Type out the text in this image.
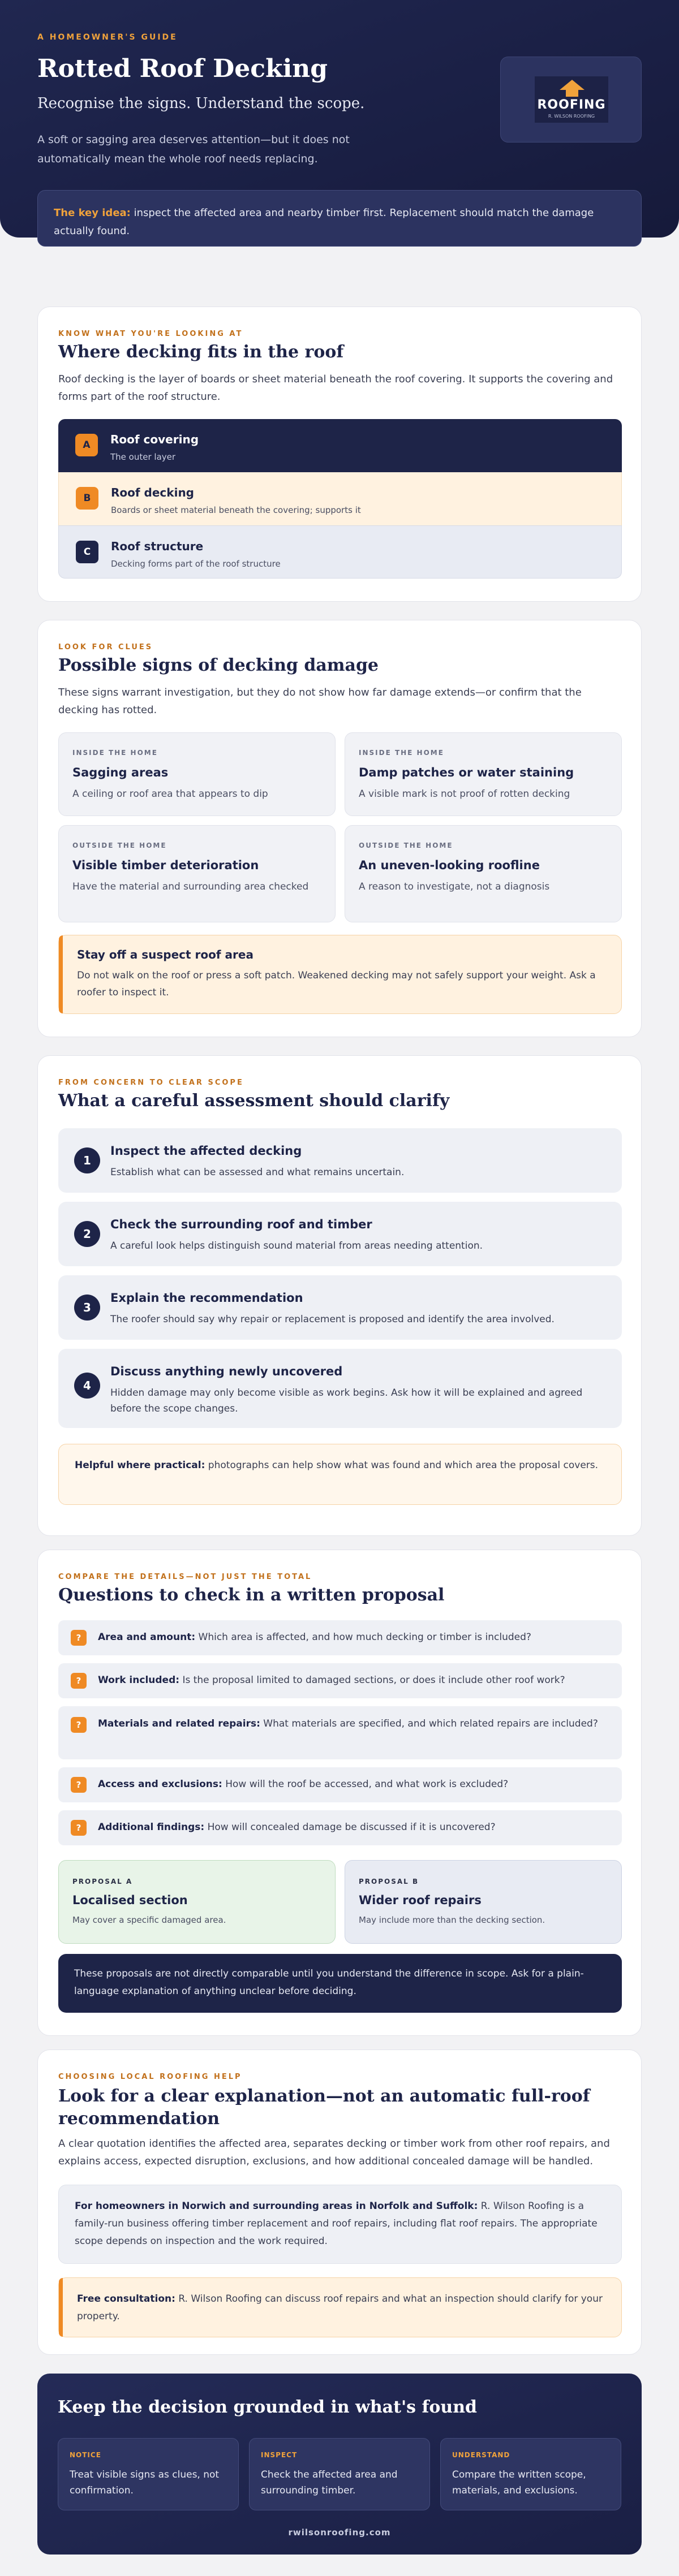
A HOMEOWNER'S GUIDE
Rotted Roof Decking
Recognise the signs. Understand the scope.

A soft or sagging area deserves attention—but it does not automatically mean the whole roof needs replacing.

ROOFING
R. WILSON ROOFING
The key idea: inspect the affected area and nearby timber first. Replacement should match the damage actually found.
KNOW WHAT YOU'RE LOOKING AT
Where decking fits in the roof

Roof decking is the layer of boards or sheet material beneath the roof covering. It supports the covering and forms part of the roof structure.

A	Roof covering
The outer layer
B	Roof decking
Boards or sheet material beneath the covering; supports it
C	Roof structure
Decking forms part of the roof structure
LOOK FOR CLUES
Possible signs of decking damage

These signs warrant investigation, but they do not show how far damage extends—or confirm that the decking has rotted.

INSIDE THE HOME
Sagging areas
A ceiling or roof area that appears to dip
INSIDE THE HOME
Damp patches or water staining
A visible mark is not proof of rotten decking
OUTSIDE THE HOME
Visible timber deterioration
Have the material and surrounding area checked
OUTSIDE THE HOME
An uneven-looking roofline
A reason to investigate, not a diagnosis
Stay off a suspect roof area
Do not walk on the roof or press a soft patch. Weakened decking may not safely support your weight. Ask a roofer to inspect it.
FROM CONCERN TO CLEAR SCOPE
What a careful assessment should clarify
1
Inspect the affected decking
Establish what can be assessed and what remains uncertain.
2
Check the surrounding roof and timber
A careful look helps distinguish sound material from areas needing attention.
3
Explain the recommendation
The roofer should say why repair or replacement is proposed and identify the area involved.
4
Discuss anything newly uncovered
Hidden damage may only become visible as work begins. Ask how it will be explained and agreed before the scope changes.
Helpful where practical: photographs can help show what was found and which area the proposal covers.
COMPARE THE DETAILS—NOT JUST THE TOTAL
Questions to check in a written proposal
?	Area and amount: Which area is affected, and how much decking or timber is included?
?	Work included: Is the proposal limited to damaged sections, or does it include other roof work?
?	Materials and related repairs: What materials are specified, and which related repairs are included?
?	Access and exclusions: How will the roof be accessed, and what work is excluded?
?	Additional findings: How will concealed damage be discussed if it is uncovered?
PROPOSAL A
Localised section
May cover a specific damaged area.
PROPOSAL B
Wider roof repairs
May include more than the decking section.
These proposals are not directly comparable until you understand the difference in scope. Ask for a plain-language explanation of anything unclear before deciding.
CHOOSING LOCAL ROOFING HELP
Look for a clear explanation—not an automatic full-roof recommendation

A clear quotation identifies the affected area, separates decking or timber work from other roof repairs, and explains access, expected disruption, exclusions, and how additional concealed damage will be handled.

For homeowners in Norwich and surrounding areas in Norfolk and Suffolk: R. Wilson Roofing is a family-run business offering timber replacement and roof repairs, including flat roof repairs. The appropriate scope depends on inspection and the work required.
Free consultation: R. Wilson Roofing can discuss roof repairs and what an inspection should clarify for your property.
Keep the decision grounded in what's found
NOTICE
Treat visible signs as clues, not confirmation.
INSPECT
Check the affected area and surrounding timber.
UNDERSTAND
Compare the written scope, materials, and exclusions.
rwilsonroofing.com
